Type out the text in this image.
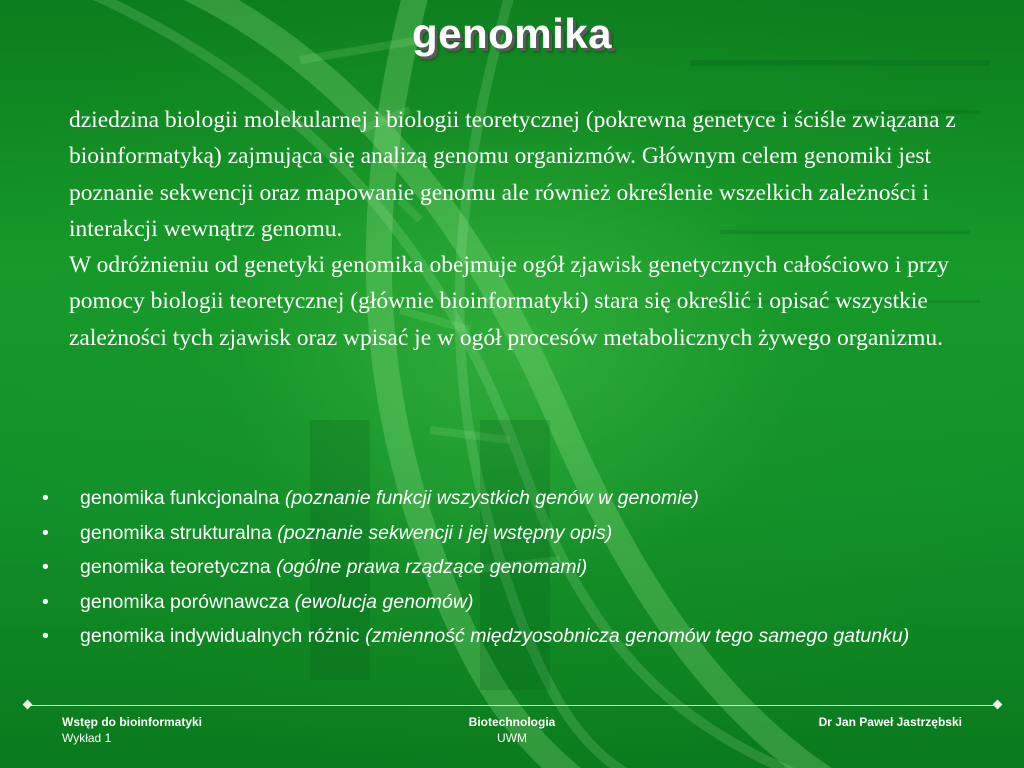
genomika

dziedzina biologii molekularnej i biologii teoretycznej (pokrewna genetyce i ściśle związana z bioinformatyką) zajmująca się analizą genomu organizmów. Głównym celem genomiki jest poznanie sekwencji oraz mapowanie genomu ale również określenie wszelkich zależności i interakcji wewnątrz genomu.

W odróżnieniu od genetyki genomika obejmuje ogół zjawisk genetycznych całościowo i przy pomocy biologii teoretycznej (głównie bioinformatyki) stara się określić i opisać wszystkie zależności tych zjawisk oraz wpisać je w ogół procesów metabolicznych żywego organizmu.

• genomika funkcjonalna (poznanie funkcji wszystkich genów w genomie)
• genomika strukturalna (poznanie sekwencji i jej wstępny opis)
• genomika teoretyczna (ogólne prawa rządzące genomami)
• genomika porównawcza (ewolucja genomów)
• genomika indywidualnych różnic (zmienność międzyosobnicza genomów tego samego gatunku)
Wstęp do bioinformatyki
Wykład 1
Biotechnologia
UWM
Dr Jan Paweł Jastrzębski
